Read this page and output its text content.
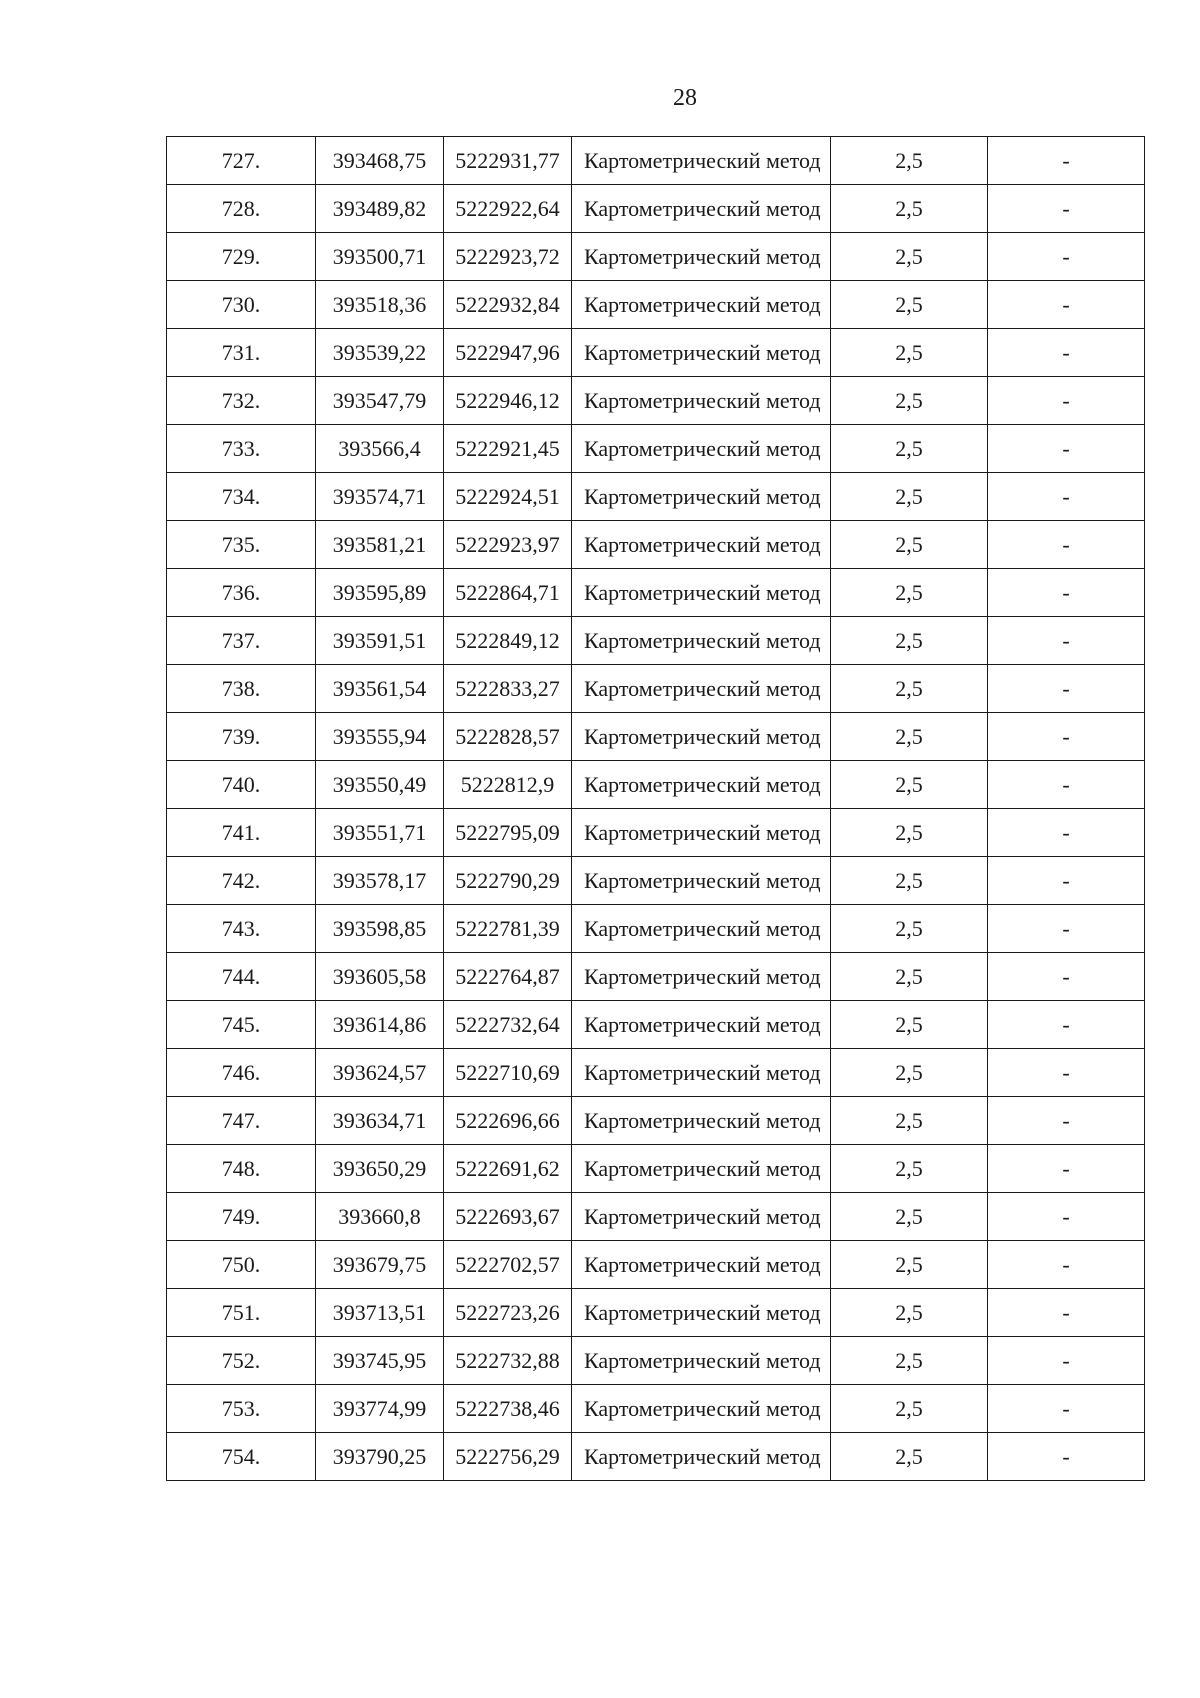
28
727.	393468,75	5222931,77	Картометрический метод	2,5	-
728.	393489,82	5222922,64	Картометрический метод	2,5	-
729.	393500,71	5222923,72	Картометрический метод	2,5	-
730.	393518,36	5222932,84	Картометрический метод	2,5	-
731.	393539,22	5222947,96	Картометрический метод	2,5	-
732.	393547,79	5222946,12	Картометрический метод	2,5	-
733.	393566,4	5222921,45	Картометрический метод	2,5	-
734.	393574,71	5222924,51	Картометрический метод	2,5	-
735.	393581,21	5222923,97	Картометрический метод	2,5	-
736.	393595,89	5222864,71	Картометрический метод	2,5	-
737.	393591,51	5222849,12	Картометрический метод	2,5	-
738.	393561,54	5222833,27	Картометрический метод	2,5	-
739.	393555,94	5222828,57	Картометрический метод	2,5	-
740.	393550,49	5222812,9	Картометрический метод	2,5	-
741.	393551,71	5222795,09	Картометрический метод	2,5	-
742.	393578,17	5222790,29	Картометрический метод	2,5	-
743.	393598,85	5222781,39	Картометрический метод	2,5	-
744.	393605,58	5222764,87	Картометрический метод	2,5	-
745.	393614,86	5222732,64	Картометрический метод	2,5	-
746.	393624,57	5222710,69	Картометрический метод	2,5	-
747.	393634,71	5222696,66	Картометрический метод	2,5	-
748.	393650,29	5222691,62	Картометрический метод	2,5	-
749.	393660,8	5222693,67	Картометрический метод	2,5	-
750.	393679,75	5222702,57	Картометрический метод	2,5	-
751.	393713,51	5222723,26	Картометрический метод	2,5	-
752.	393745,95	5222732,88	Картометрический метод	2,5	-
753.	393774,99	5222738,46	Картометрический метод	2,5	-
754.	393790,25	5222756,29	Картометрический метод	2,5	-
